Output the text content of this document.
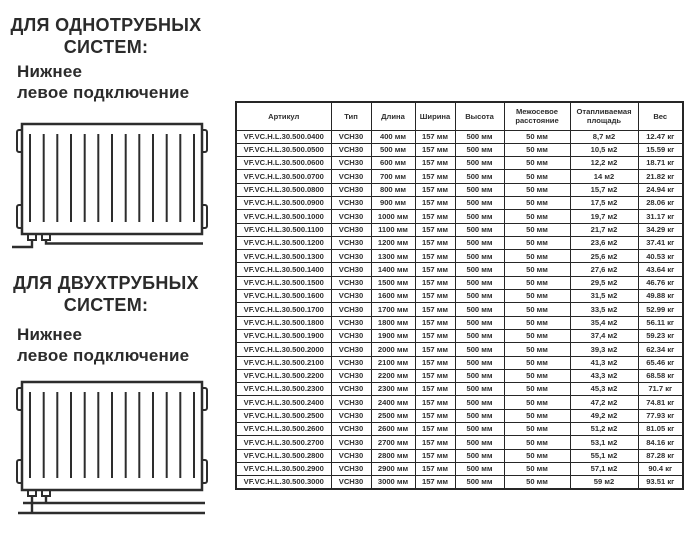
ДЛЯ ОДНОТРУБНЫХ
СИСТЕМ:
Нижнее
левое подключение
ДЛЯ ДВУХТРУБНЫХ
СИСТЕМ:
Нижнее
левое подключение
Артикул	Тип	Длина	Ширина	Высота	Межосевое расстояние	Отапливаемая площадь	Вес
VF.VC.H.L.30.500.0400	VCH30	400 мм	157 мм	500 мм	50 мм	8,7 м2	12.47 кг
VF.VC.H.L.30.500.0500	VCH30	500 мм	157 мм	500 мм	50 мм	10,5 м2	15.59 кг
VF.VC.H.L.30.500.0600	VCH30	600 мм	157 мм	500 мм	50 мм	12,2 м2	18.71 кг
VF.VC.H.L.30.500.0700	VCH30	700 мм	157 мм	500 мм	50 мм	14 м2	21.82 кг
VF.VC.H.L.30.500.0800	VCH30	800 мм	157 мм	500 мм	50 мм	15,7 м2	24.94 кг
VF.VC.H.L.30.500.0900	VCH30	900 мм	157 мм	500 мм	50 мм	17,5 м2	28.06 кг
VF.VC.H.L.30.500.1000	VCH30	1000 мм	157 мм	500 мм	50 мм	19,7 м2	31.17 кг
VF.VC.H.L.30.500.1100	VCH30	1100 мм	157 мм	500 мм	50 мм	21,7 м2	34.29 кг
VF.VC.H.L.30.500.1200	VCH30	1200 мм	157 мм	500 мм	50 мм	23,6 м2	37.41 кг
VF.VC.H.L.30.500.1300	VCH30	1300 мм	157 мм	500 мм	50 мм	25,6 м2	40.53 кг
VF.VC.H.L.30.500.1400	VCH30	1400 мм	157 мм	500 мм	50 мм	27,6 м2	43.64 кг
VF.VC.H.L.30.500.1500	VCH30	1500 мм	157 мм	500 мм	50 мм	29,5 м2	46.76 кг
VF.VC.H.L.30.500.1600	VCH30	1600 мм	157 мм	500 мм	50 мм	31,5 м2	49.88 кг
VF.VC.H.L.30.500.1700	VCH30	1700 мм	157 мм	500 мм	50 мм	33,5 м2	52.99 кг
VF.VC.H.L.30.500.1800	VCH30	1800 мм	157 мм	500 мм	50 мм	35,4 м2	56.11 кг
VF.VC.H.L.30.500.1900	VCH30	1900 мм	157 мм	500 мм	50 мм	37,4 м2	59.23 кг
VF.VC.H.L.30.500.2000	VCH30	2000 мм	157 мм	500 мм	50 мм	39,3 м2	62.34 кг
VF.VC.H.L.30.500.2100	VCH30	2100 мм	157 мм	500 мм	50 мм	41,3 м2	65.46 кг
VF.VC.H.L.30.500.2200	VCH30	2200 мм	157 мм	500 мм	50 мм	43,3 м2	68.58 кг
VF.VC.H.L.30.500.2300	VCH30	2300 мм	157 мм	500 мм	50 мм	45,3 м2	71.7 кг
VF.VC.H.L.30.500.2400	VCH30	2400 мм	157 мм	500 мм	50 мм	47,2 м2	74.81 кг
VF.VC.H.L.30.500.2500	VCH30	2500 мм	157 мм	500 мм	50 мм	49,2 м2	77.93 кг
VF.VC.H.L.30.500.2600	VCH30	2600 мм	157 мм	500 мм	50 мм	51,2 м2	81.05 кг
VF.VC.H.L.30.500.2700	VCH30	2700 мм	157 мм	500 мм	50 мм	53,1 м2	84.16 кг
VF.VC.H.L.30.500.2800	VCH30	2800 мм	157 мм	500 мм	50 мм	55,1 м2	87.28 кг
VF.VC.H.L.30.500.2900	VCH30	2900 мм	157 мм	500 мм	50 мм	57,1 м2	90.4 кг
VF.VC.H.L.30.500.3000	VCH30	3000 мм	157 мм	500 мм	50 мм	59 м2	93.51 кг
